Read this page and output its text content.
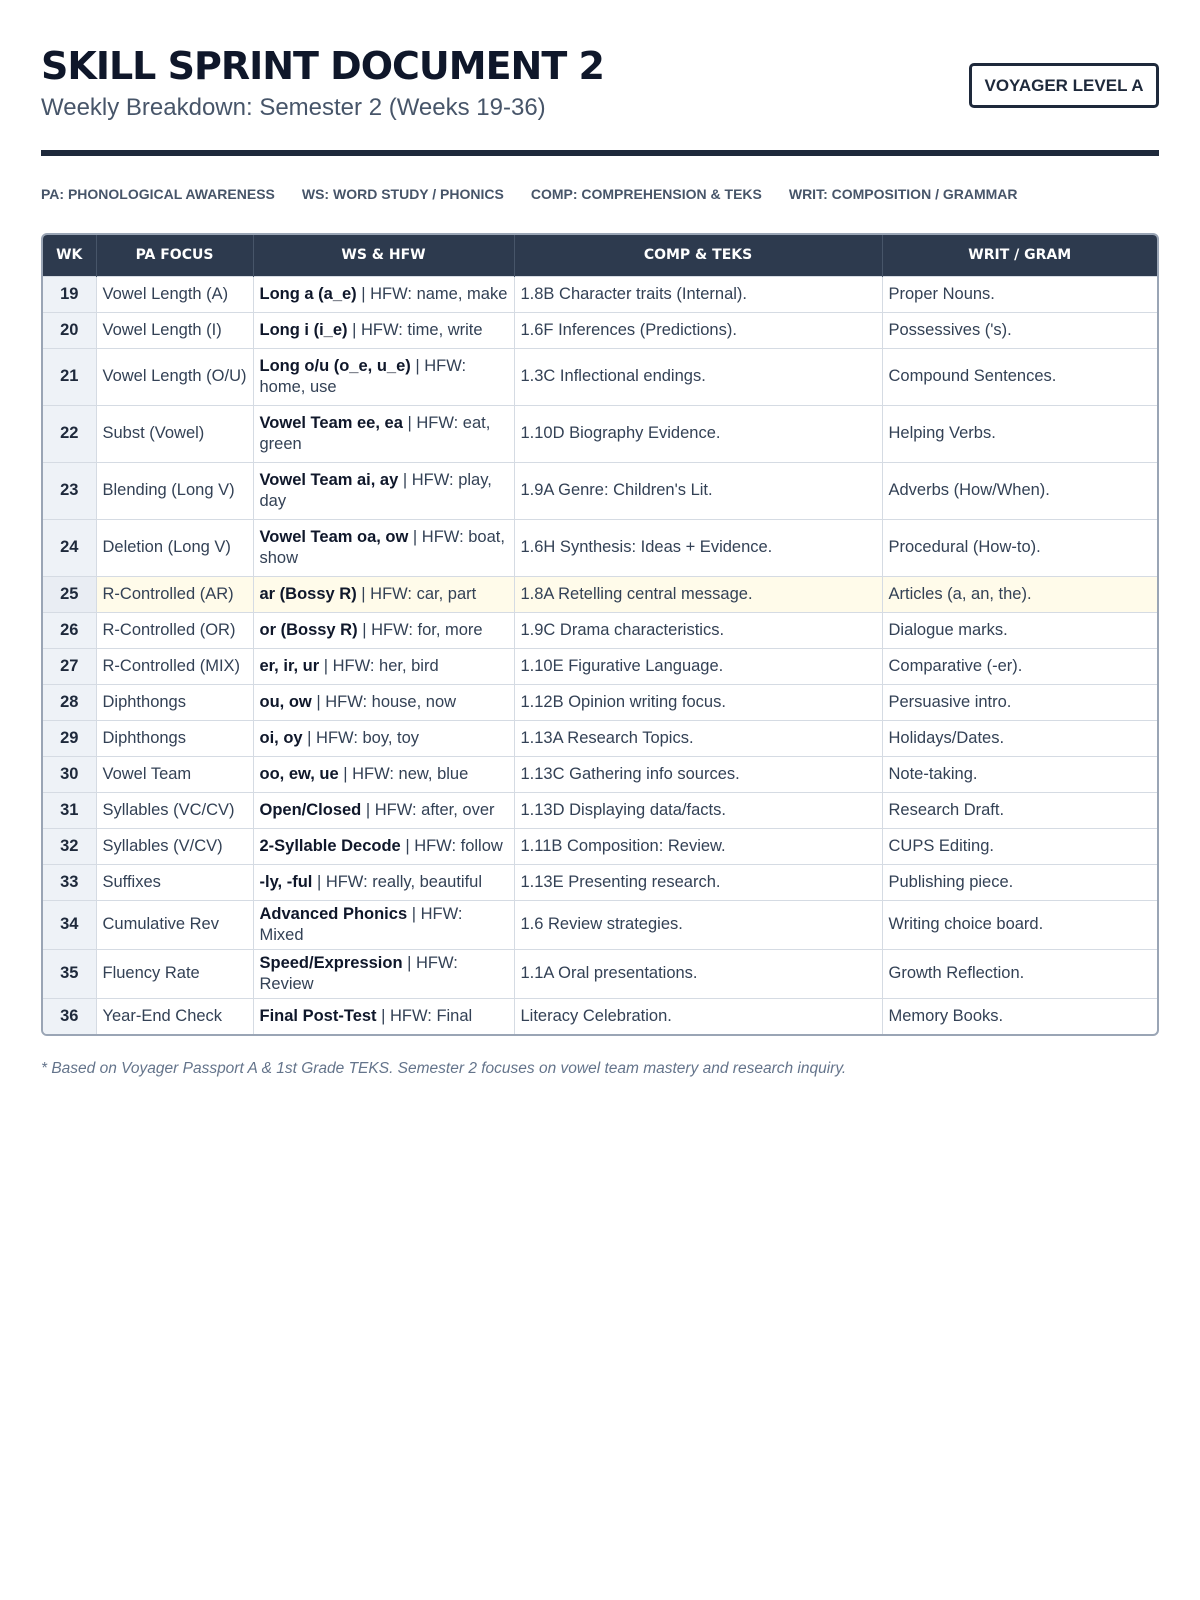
SKILL SPRINT DOCUMENT 2
Weekly Breakdown: Semester 2 (Weeks 19-36)
VOYAGER LEVEL A
PA: PHONOLOGICAL AWARENESS WS: WORD STUDY / PHONICS COMP: COMPREHENSION & TEKS WRIT: COMPOSITION / GRAMMAR
WK	PA FOCUS	WS & HFW	COMP & TEKS	WRIT / GRAM
19	Vowel Length (A)	Long a (a_e) | HFW: name, make	1.8B Character traits (Internal).	Proper Nouns.
20	Vowel Length (I)	Long i (i_e) | HFW: time, write	1.6F Inferences (Predictions).	Possessives ('s).
21	Vowel Length (O/U)	Long o/u (o_e, u_e) | HFW: home, use	1.3C Inflectional endings.	Compound Sentences.
22	Subst (Vowel)	Vowel Team ee, ea | HFW: eat, green	1.10D Biography Evidence.	Helping Verbs.
23	Blending (Long V)	Vowel Team ai, ay | HFW: play, day	1.9A Genre: Children's Lit.	Adverbs (How/When).
24	Deletion (Long V)	Vowel Team oa, ow | HFW: boat, show	1.6H Synthesis: Ideas + Evidence.	Procedural (How-to).
25	R-Controlled (AR)	ar (Bossy R) | HFW: car, part	1.8A Retelling central message.	Articles (a, an, the).
26	R-Controlled (OR)	or (Bossy R) | HFW: for, more	1.9C Drama characteristics.	Dialogue marks.
27	R-Controlled (MIX)	er, ir, ur | HFW: her, bird	1.10E Figurative Language.	Comparative (-er).
28	Diphthongs	ou, ow | HFW: house, now	1.12B Opinion writing focus.	Persuasive intro.
29	Diphthongs	oi, oy | HFW: boy, toy	1.13A Research Topics.	Holidays/Dates.
30	Vowel Team	oo, ew, ue | HFW: new, blue	1.13C Gathering info sources.	Note-taking.
31	Syllables (VC/CV)	Open/Closed | HFW: after, over	1.13D Displaying data/facts.	Research Draft.
32	Syllables (V/CV)	2-Syllable Decode | HFW: follow	1.11B Composition: Review.	CUPS Editing.
33	Suffixes	-ly, -ful | HFW: really, beautiful	1.13E Presenting research.	Publishing piece.
34	Cumulative Rev	Advanced Phonics | HFW: Mixed	1.6 Review strategies.	Writing choice board.
35	Fluency Rate	Speed/Expression | HFW: Review	1.1A Oral presentations.	Growth Reflection.
36	Year-End Check	Final Post-Test | HFW: Final	Literacy Celebration.	Memory Books.
* Based on Voyager Passport A & 1st Grade TEKS. Semester 2 focuses on vowel team mastery and research inquiry.
